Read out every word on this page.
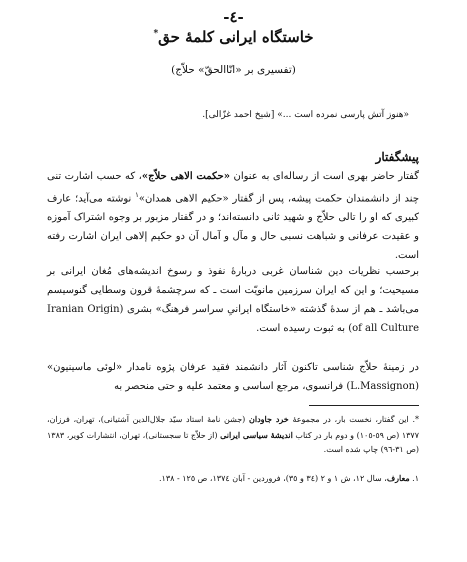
-٤-
خاستگاه ایرانی کلمۀ حق*
(تفسیری بر «انّاالحقّ» حلاّج)
«هنوز آتش پارسی نمرده است ...» [شیخ احمد غزّالی].
پیشگفتار
گفتار حاضر بهری است از رساله‌ای به عنوان «حکمت الاهی حلاّج»، که حسب اشارت تنی چند از دانشمندان حکمت پیشه، پس از گفتار «حکیم الاهی همدان»$^١$ نوشته می‌آید؛ عارف کبیری که او را تالی حلاّج و شهید ثانی دانسته‌اند؛ و در گفتار مزبور بر وجوه اشتراک آموزه و عقیدت عرفانی و شباهت نسبی حال و مآل و آمال آن دو حکیم إلاهی ایران اشارت رفته است.
برحسب نظریات دین شناسان غربی دربارۀ نفوذ و رسوخ اندیشه‌های مُغان ایرانی بر مسیحیت؛ و این که ایران سرزمین مانویّت است ـ که سرچشمۀ قرون وسطایی گنوسیسم می‌باشد ـ هم از سدۀ گذشته «خاستگاه ایرانیِ سراسر فرهنگ» بشری (Iranian Origin of all Culture) به ثبوت رسیده است.
در زمینۀ حلاّج شناسی تاکنون آثار دانشمند فقید عرفان پژوه نامدار «لوئی ماسینیون» (L.Massignon) فرانسوی، مرجع اساسی و معتمد علیه و حتی منحصر به
*. این گفتار، نخست بار، در مجموعۀ خرد جاودان (جشن نامۀ استاد سیّد جلال‌الدین آشتیانی)، تهران، فرزان، ١٣٧٧ (ص ٥٩-١٠٥) و دوم بار در کتاب اندیشۀ سیاسی ایرانی (از حلاّج تا سجستانی)، تهران، انتشارات کویر، ١٣٨٣ (ص ٣١-٩٦) چاپ شده است.
١. معارف، سال ١٢، ش ١ و ٢ (٣٤ و ٣٥)، فروردین - آبان ١٣٧٤، ص ١٢٥ - ١٣٨.
